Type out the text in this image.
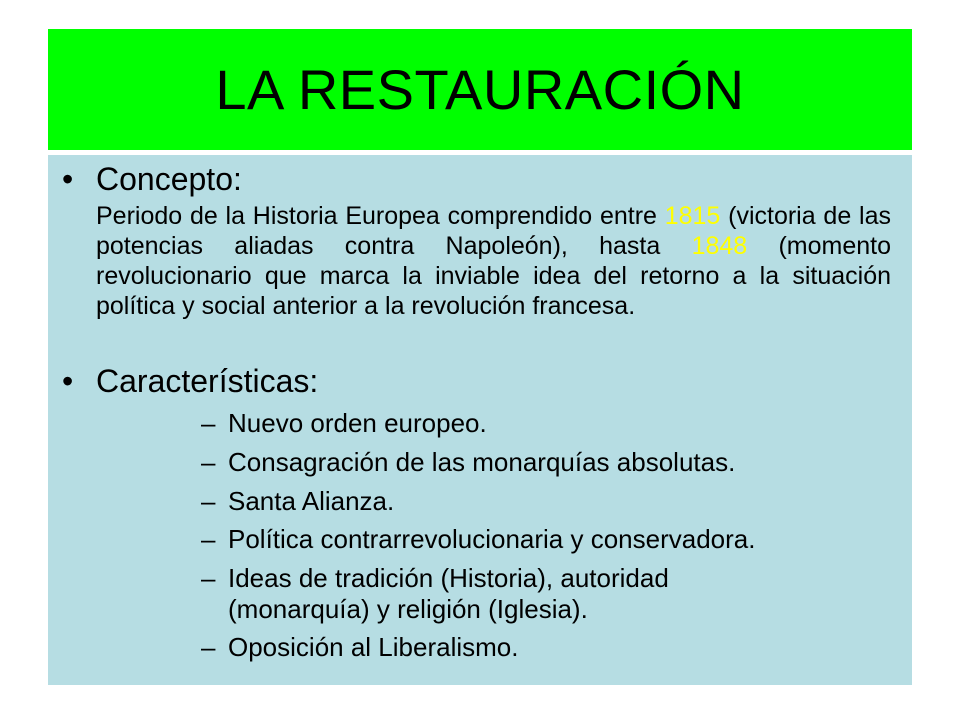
LA RESTAURACIÓN
• Concepto:
Periodo de la Historia Europea comprendido entre 1815 (victoria de las potencias aliadas contra Napoleón), hasta 1848 (momento revolucionario que marca la inviable idea del retorno a la situación política y social anterior a la revolución francesa.
• Características:
– Nuevo orden europeo.
– Consagración de las monarquías absolutas.
– Santa Alianza.
– Política contrarrevolucionaria y conservadora.
– Ideas de tradición (Historia), autoridad (monarquía) y religión (Iglesia).
– Oposición al Liberalismo.
